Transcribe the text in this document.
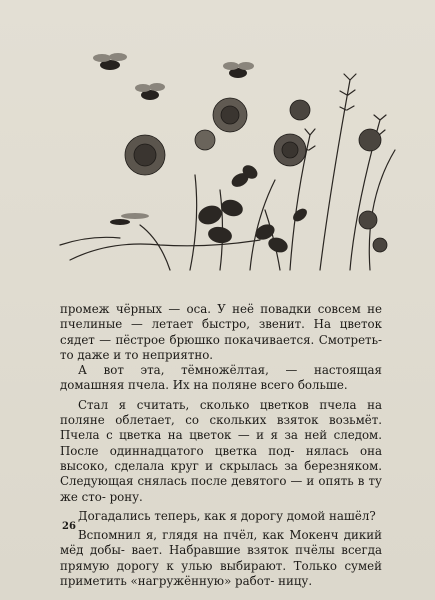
промеж чёрных — оса. У неё повадки совсем не пчелиные — летает быстро, звенит. На цветок сядет — пёстрое брюшко покачивается. Смотреть-то даже и то неприятно.

А вот эта, тёмножёлтая, — настоящая домашняя пчела. Их на поляне всего больше.

Стал я считать, сколько цветков пчела на поляне облетает, со скольких взяток возьмёт. Пчела с цветка на цветок — и я за ней следом. После одиннадцатого цветка под- нялась она высоко, сделала круг и скрылась за березняком. Следующая снялась после девятого — и опять в ту же сто- рону.

Догадались теперь, как я дорогу домой нашёл?

Вспомнил я, глядя на пчёл, как Мокенч дикий мёд добы- вает. Набравшие взяток пчёлы всегда прямую дорогу к улью выбирают. Только сумей приметить «нагружённую» работ- ницу.

26
